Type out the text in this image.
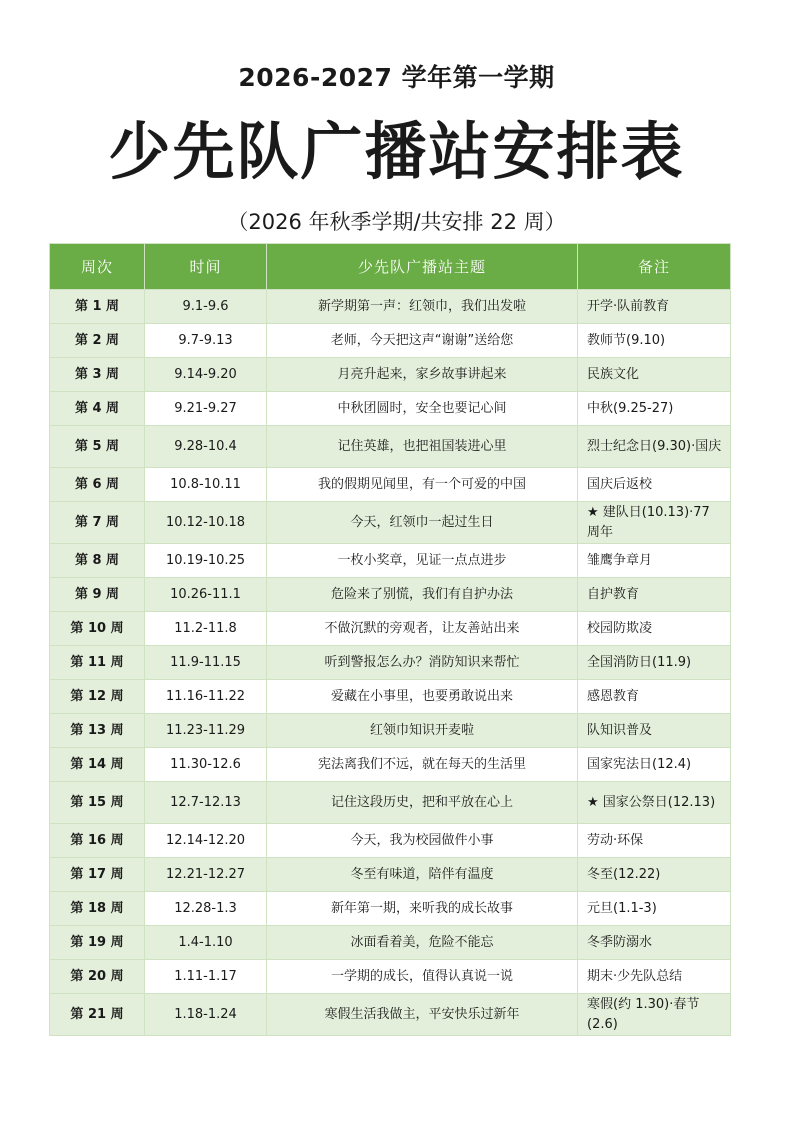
2026-2027 学年第一学期
少先队广播站安排表
（2026 年秋季学期/共安排 22 周）
周次	时间	少先队广播站主题	备注
第 1 周	9.1-9.6	新学期第一声：红领巾，我们出发啦	开学·队前教育
第 2 周	9.7-9.13	老师，今天把这声“谢谢”送给您	教师节(9.10)
第 3 周	9.14-9.20	月亮升起来，家乡故事讲起来	民族文化
第 4 周	9.21-9.27	中秋团圆时，安全也要记心间	中秋(9.25-27)
第 5 周	9.28-10.4	记住英雄，也把祖国装进心里	烈士纪念日(9.30)·国庆
第 6 周	10.8-10.11	我的假期见闻里，有一个可爱的中国	国庆后返校
第 7 周	10.12-10.18	今天，红领巾一起过生日	★ 建队日(10.13)·77 周年
第 8 周	10.19-10.25	一枚小奖章，见证一点点进步	雏鹰争章月
第 9 周	10.26-11.1	危险来了别慌，我们有自护办法	自护教育
第 10 周	11.2-11.8	不做沉默的旁观者，让友善站出来	校园防欺凌
第 11 周	11.9-11.15	听到警报怎么办？消防知识来帮忙	全国消防日(11.9)
第 12 周	11.16-11.22	爱藏在小事里，也要勇敢说出来	感恩教育
第 13 周	11.23-11.29	红领巾知识开麦啦	队知识普及
第 14 周	11.30-12.6	宪法离我们不远，就在每天的生活里	国家宪法日(12.4)
第 15 周	12.7-12.13	记住这段历史，把和平放在心上	★ 国家公祭日(12.13)
第 16 周	12.14-12.20	今天，我为校园做件小事	劳动·环保
第 17 周	12.21-12.27	冬至有味道，陪伴有温度	冬至(12.22)
第 18 周	12.28-1.3	新年第一期，来听我的成长故事	元旦(1.1-3)
第 19 周	1.4-1.10	冰面看着美，危险不能忘	冬季防溺水
第 20 周	1.11-1.17	一学期的成长，值得认真说一说	期末·少先队总结
第 21 周	1.18-1.24	寒假生活我做主，平安快乐过新年	寒假(约 1.30)·春节(2.6)
